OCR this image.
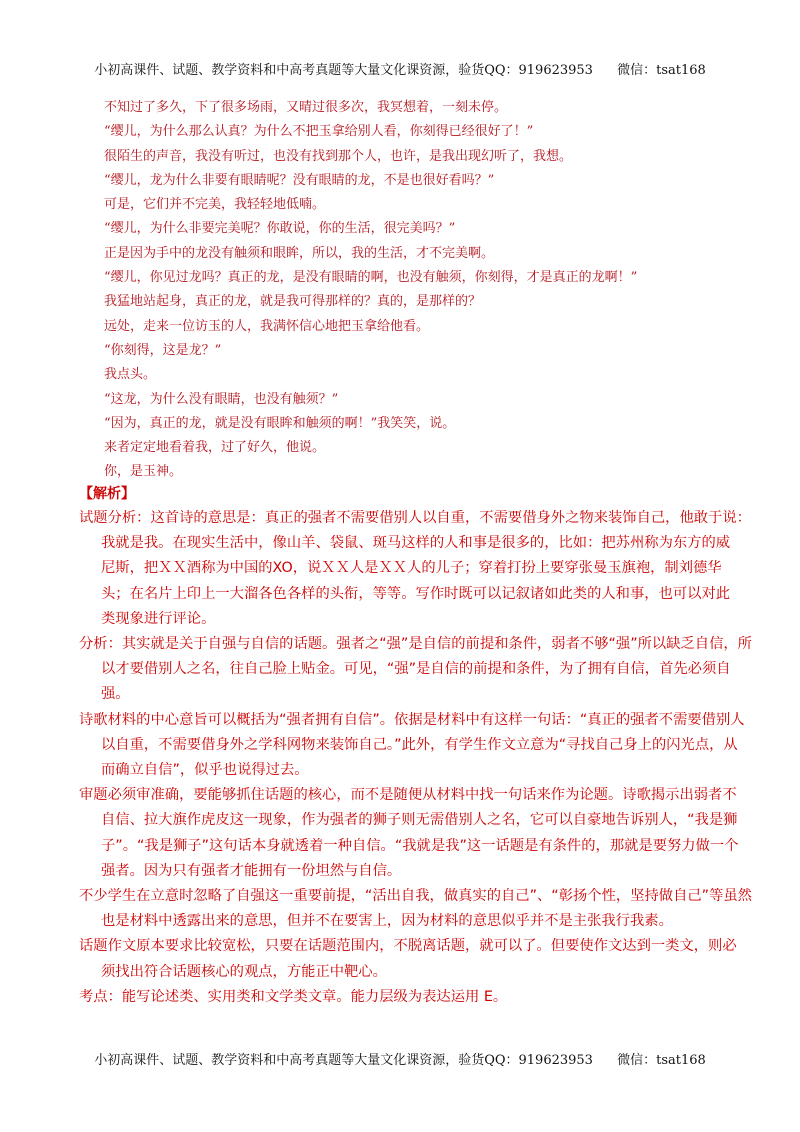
小初高课件、试题、教学资料和中高考真题等大量文化课资源，验货QQ：919623953 微信：tsat168
不知过了多久，下了很多场雨，又晴过很多次，我冥想着，一刻未停。
“缨儿，为什么那么认真？为什么不把玉拿给别人看，你刻得已经很好了！”
很陌生的声音，我没有听过，也没有找到那个人，也许，是我出现幻听了，我想。
“缨儿，龙为什么非要有眼睛呢？没有眼睛的龙，不是也很好看吗？”
可是，它们并不完美，我轻轻地低喃。
“缨儿，为什么非要完美呢？你敢说，你的生活，很完美吗？”
正是因为手中的龙没有触须和眼眸，所以，我的生活，才不完美啊。
“缨儿，你见过龙吗？真正的龙，是没有眼睛的啊，也没有触须，你刻得，才是真正的龙啊！”
我猛地站起身，真正的龙，就是我可得那样的？真的，是那样的？
远处，走来一位访玉的人，我满怀信心地把玉拿给他看。
“你刻得，这是龙？”
我点头。
“这龙，为什么没有眼睛，也没有触须？”
“因为，真正的龙，就是没有眼眸和触须的啊！”我笑笑，说。
来者定定地看着我，过了好久，他说。
你，是玉神。
【解析】
试题分析：这首诗的意思是：真正的强者不需要借别人以自重，不需要借身外之物来装饰自己，他敢于说：
我就是我。在现实生活中，像山羊、袋鼠、斑马这样的人和事是很多的，比如：把苏州称为东方的威
尼斯，把ＸＸ酒称为中国的XO，说ＸＸ人是ＸＸ人的儿子；穿着打扮上要穿张曼玉旗袍，制刘德华
头；在名片上印上一大溜各色各样的头衔，等等。写作时既可以记叙诸如此类的人和事，也可以对此
类现象进行评论。
分析：其实就是关于自强与自信的话题。强者之“强”是自信的前提和条件，弱者不够“强”所以缺乏自信，所
以才要借别人之名，往自己脸上贴金。可见，“强”是自信的前提和条件，为了拥有自信，首先必须自强。
诗歌材料的中心意旨可以概括为“强者拥有自信”。依据是材料中有这样一句话：“真正的强者不需要借别人
以自重，不需要借身外之学科网物来装饰自己。”此外，有学生作文立意为“寻找自己身上的闪光点，从
而确立自信”，似乎也说得过去。
审题必须审准确，要能够抓住话题的核心，而不是随便从材料中找一句话来作为论题。诗歌揭示出弱者不
自信、拉大旗作虎皮这一现象，作为强者的狮子则无需借别人之名，它可以自豪地告诉别人，“我是狮
子”。“我是狮子”这句话本身就透着一种自信。“我就是我”这一话题是有条件的，那就是要努力做一个
强者。因为只有强者才能拥有一份坦然与自信。
不少学生在立意时忽略了自强这一重要前提，“活出自我，做真实的自己”、“彰扬个性，坚持做自己”等虽然
也是材料中透露出来的意思，但并不在要害上，因为材料的意思似乎并不是主张我行我素。
话题作文原本要求比较宽松，只要在话题范围内，不脱离话题，就可以了。但要使作文达到一类文，则必
须找出符合话题核心的观点，方能正中靶心。
考点：能写论述类、实用类和文学类文章。能力层级为表达运用 E。
小初高课件、试题、教学资料和中高考真题等大量文化课资源，验货QQ：919623953 微信：tsat168
